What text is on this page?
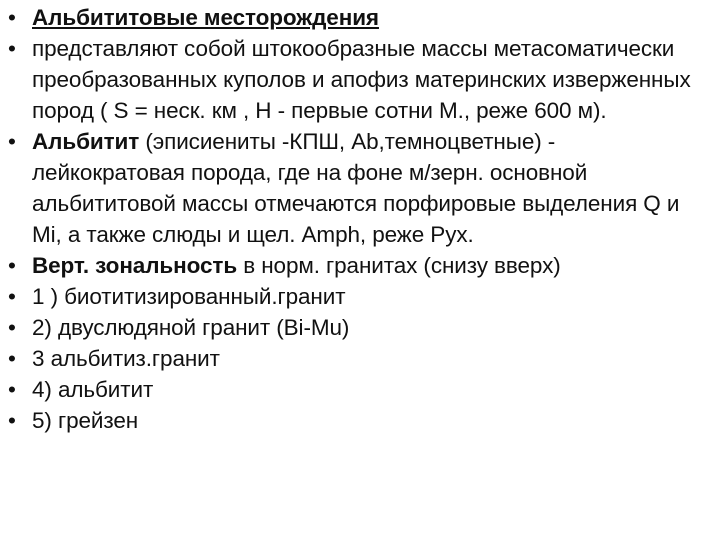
• Альбититовые месторождения
• представляют собой штокообразные массы метасоматически преобразованных куполов и апофиз материнских изверженных пород ( S = неск. км , H - первые сотни М., реже 600 м).
• Альбитит (эписиениты -КПШ, Ab,темноцветные) - лейкократовая порода, где на фоне м/зерн. основной альбититовой массы отмечаются порфировые выделения Q и Mi, а также слюды и щел. Amph, реже Pyx.
• Верт. зональность в норм. гранитах (снизу вверх)
• 1 ) биотитизированный.гранит
• 2) двуслюдяной гранит (Bi-Mu)
• 3 альбитиз.гранит
• 4) альбитит
• 5) грейзен
